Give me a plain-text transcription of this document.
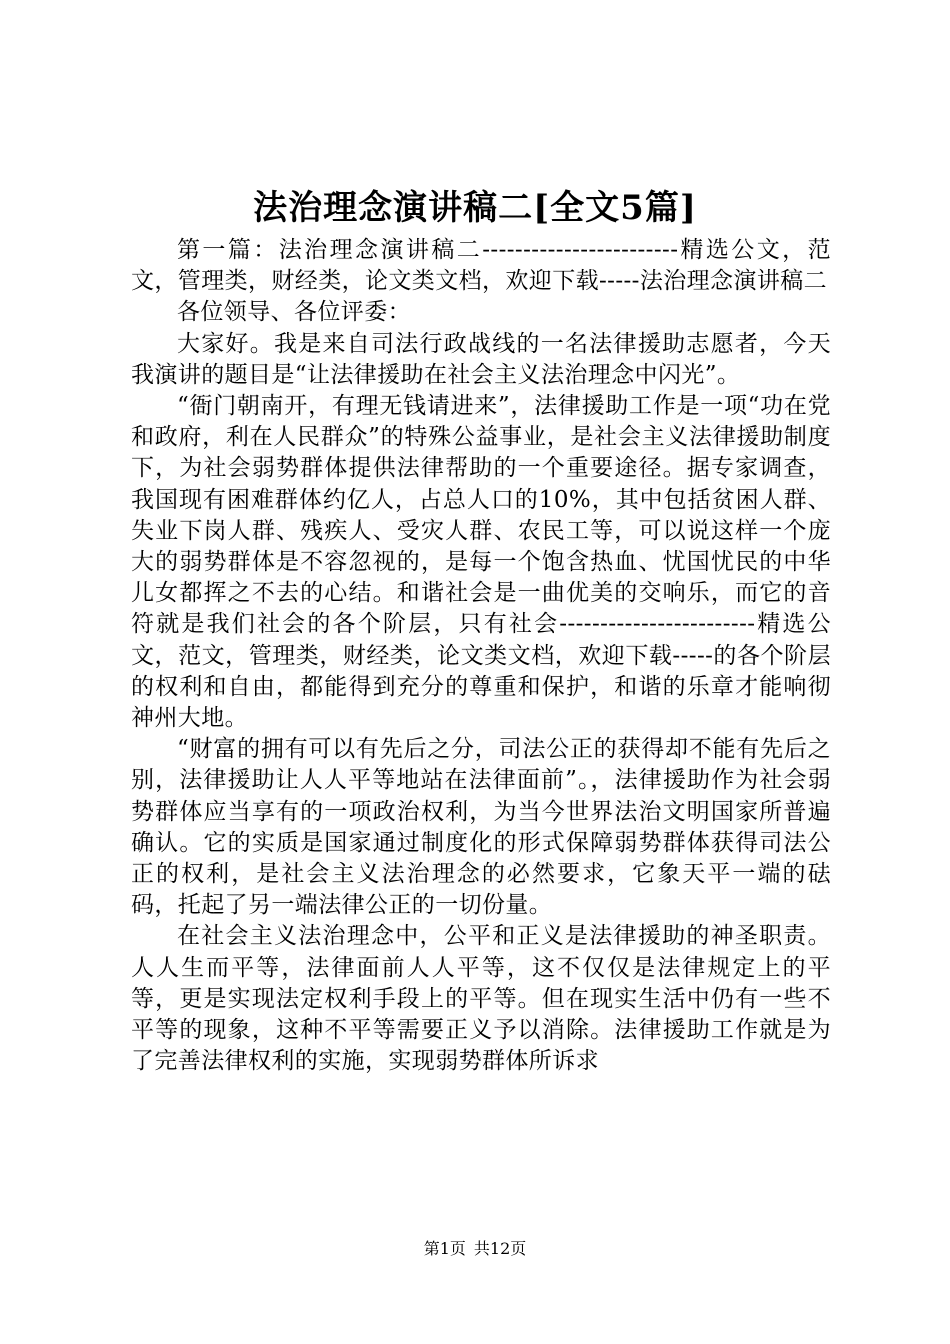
法治理念演讲稿二[全文5篇]

第一篇：法治理念演讲稿二------------------------精选公文，范文，管理类，财经类，论文类文档，欢迎下载-----法治理念演讲稿二

各位领导、各位评委：

大家好。我是来自司法行政战线的一名法律援助志愿者，今天我演讲的题目是“让法律援助在社会主义法治理念中闪光”。

“衙门朝南开，有理无钱请进来”，法律援助工作是一项“功在党和政府，利在人民群众”的特殊公益事业，是社会主义法律援助制度下，为社会弱势群体提供法律帮助的一个重要途径。据专家调查，我国现有困难群体约亿人，占总人口的10%，其中包括贫困人群、失业下岗人群、残疾人、受灾人群、农民工等，可以说这样一个庞大的弱势群体是不容忽视的，是每一个饱含热血、忧国忧民的中华儿女都挥之不去的心结。和谐社会是一曲优美的交响乐，而它的音符就是我们社会的各个阶层，只有社会------------------------精选公文，范文，管理类，财经类，论文类文档，欢迎下载-----的各个阶层的权利和自由，都能得到充分的尊重和保护，和谐的乐章才能响彻神州大地。

“财富的拥有可以有先后之分，司法公正的获得却不能有先后之别，法律援助让人人平等地站在法律面前”。，法律援助作为社会弱势群体应当享有的一项政治权利，为当今世界法治文明国家所普遍确认。它的实质是国家通过制度化的形式保障弱势群体获得司法公正的权利，是社会主义法治理念的必然要求，它象天平一端的砝码，托起了另一端法律公正的一切份量。

在社会主义法治理念中，公平和正义是法律援助的神圣职责。人人生而平等，法律面前人人平等，这不仅仅是法律规定上的平等，更是实现法定权利手段上的平等。但在现实生活中仍有一些不平等的现象，这种不平等需要正义予以消除。法律援助工作就是为了完善法律权利的实施，实现弱势群体所诉求

第1页 共12页
